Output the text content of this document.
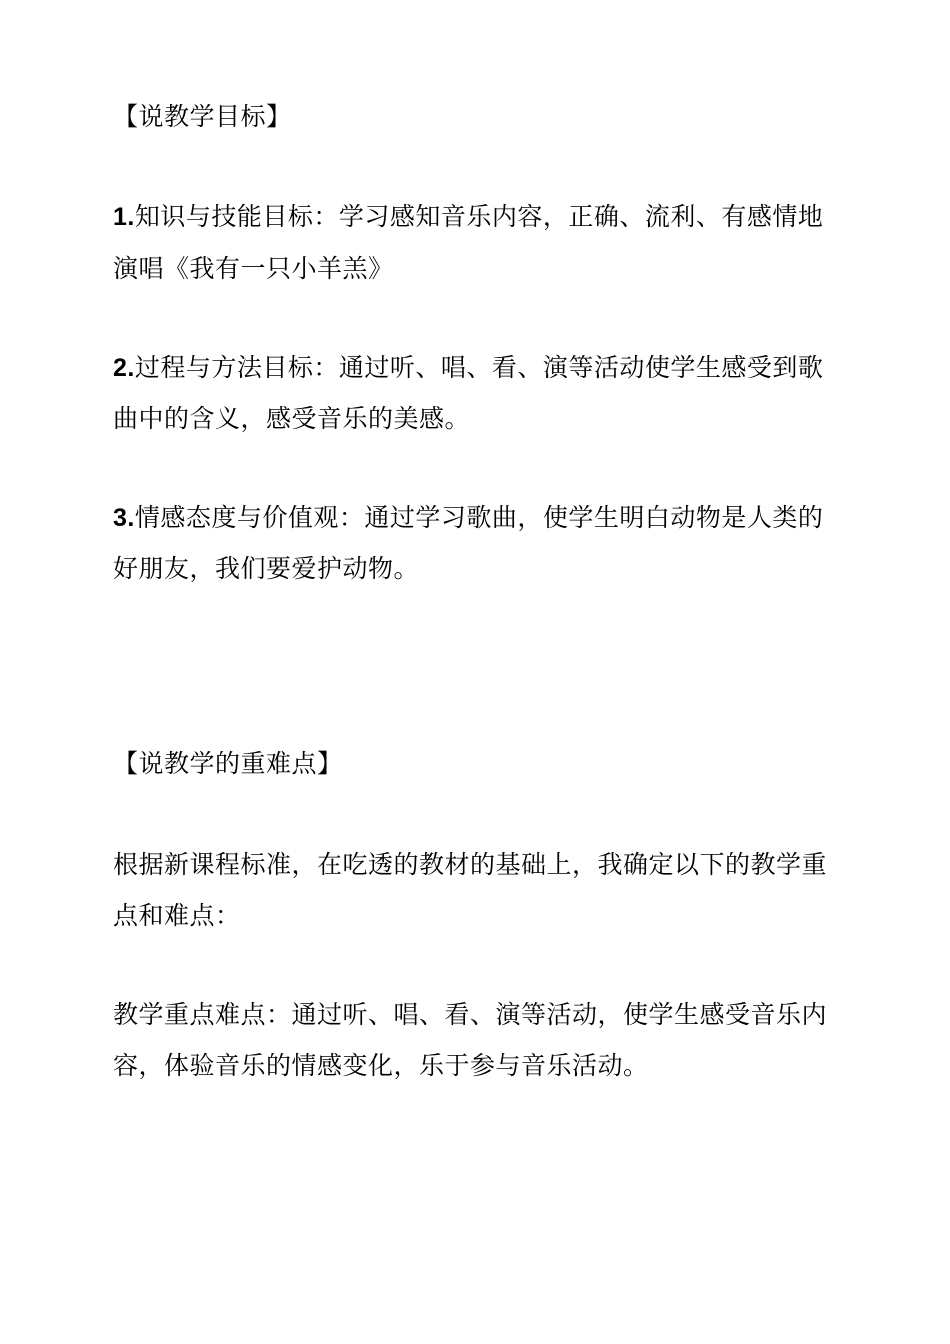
【说教学目标】
1.知识与技能目标：学习感知音乐内容，正确、流利、有感情地
演唱《我有一只小羊羔》
2.过程与方法目标：通过听、唱、看、演等活动使学生感受到歌
曲中的含义，感受音乐的美感。
3.情感态度与价值观：通过学习歌曲，使学生明白动物是人类的
好朋友，我们要爱护动物。
【说教学的重难点】
根据新课程标准，在吃透的教材的基础上，我确定以下的教学重
点和难点：
教学重点难点：通过听、唱、看、演等活动，使学生感受音乐内
容，体验音乐的情感变化，乐于参与音乐活动。
